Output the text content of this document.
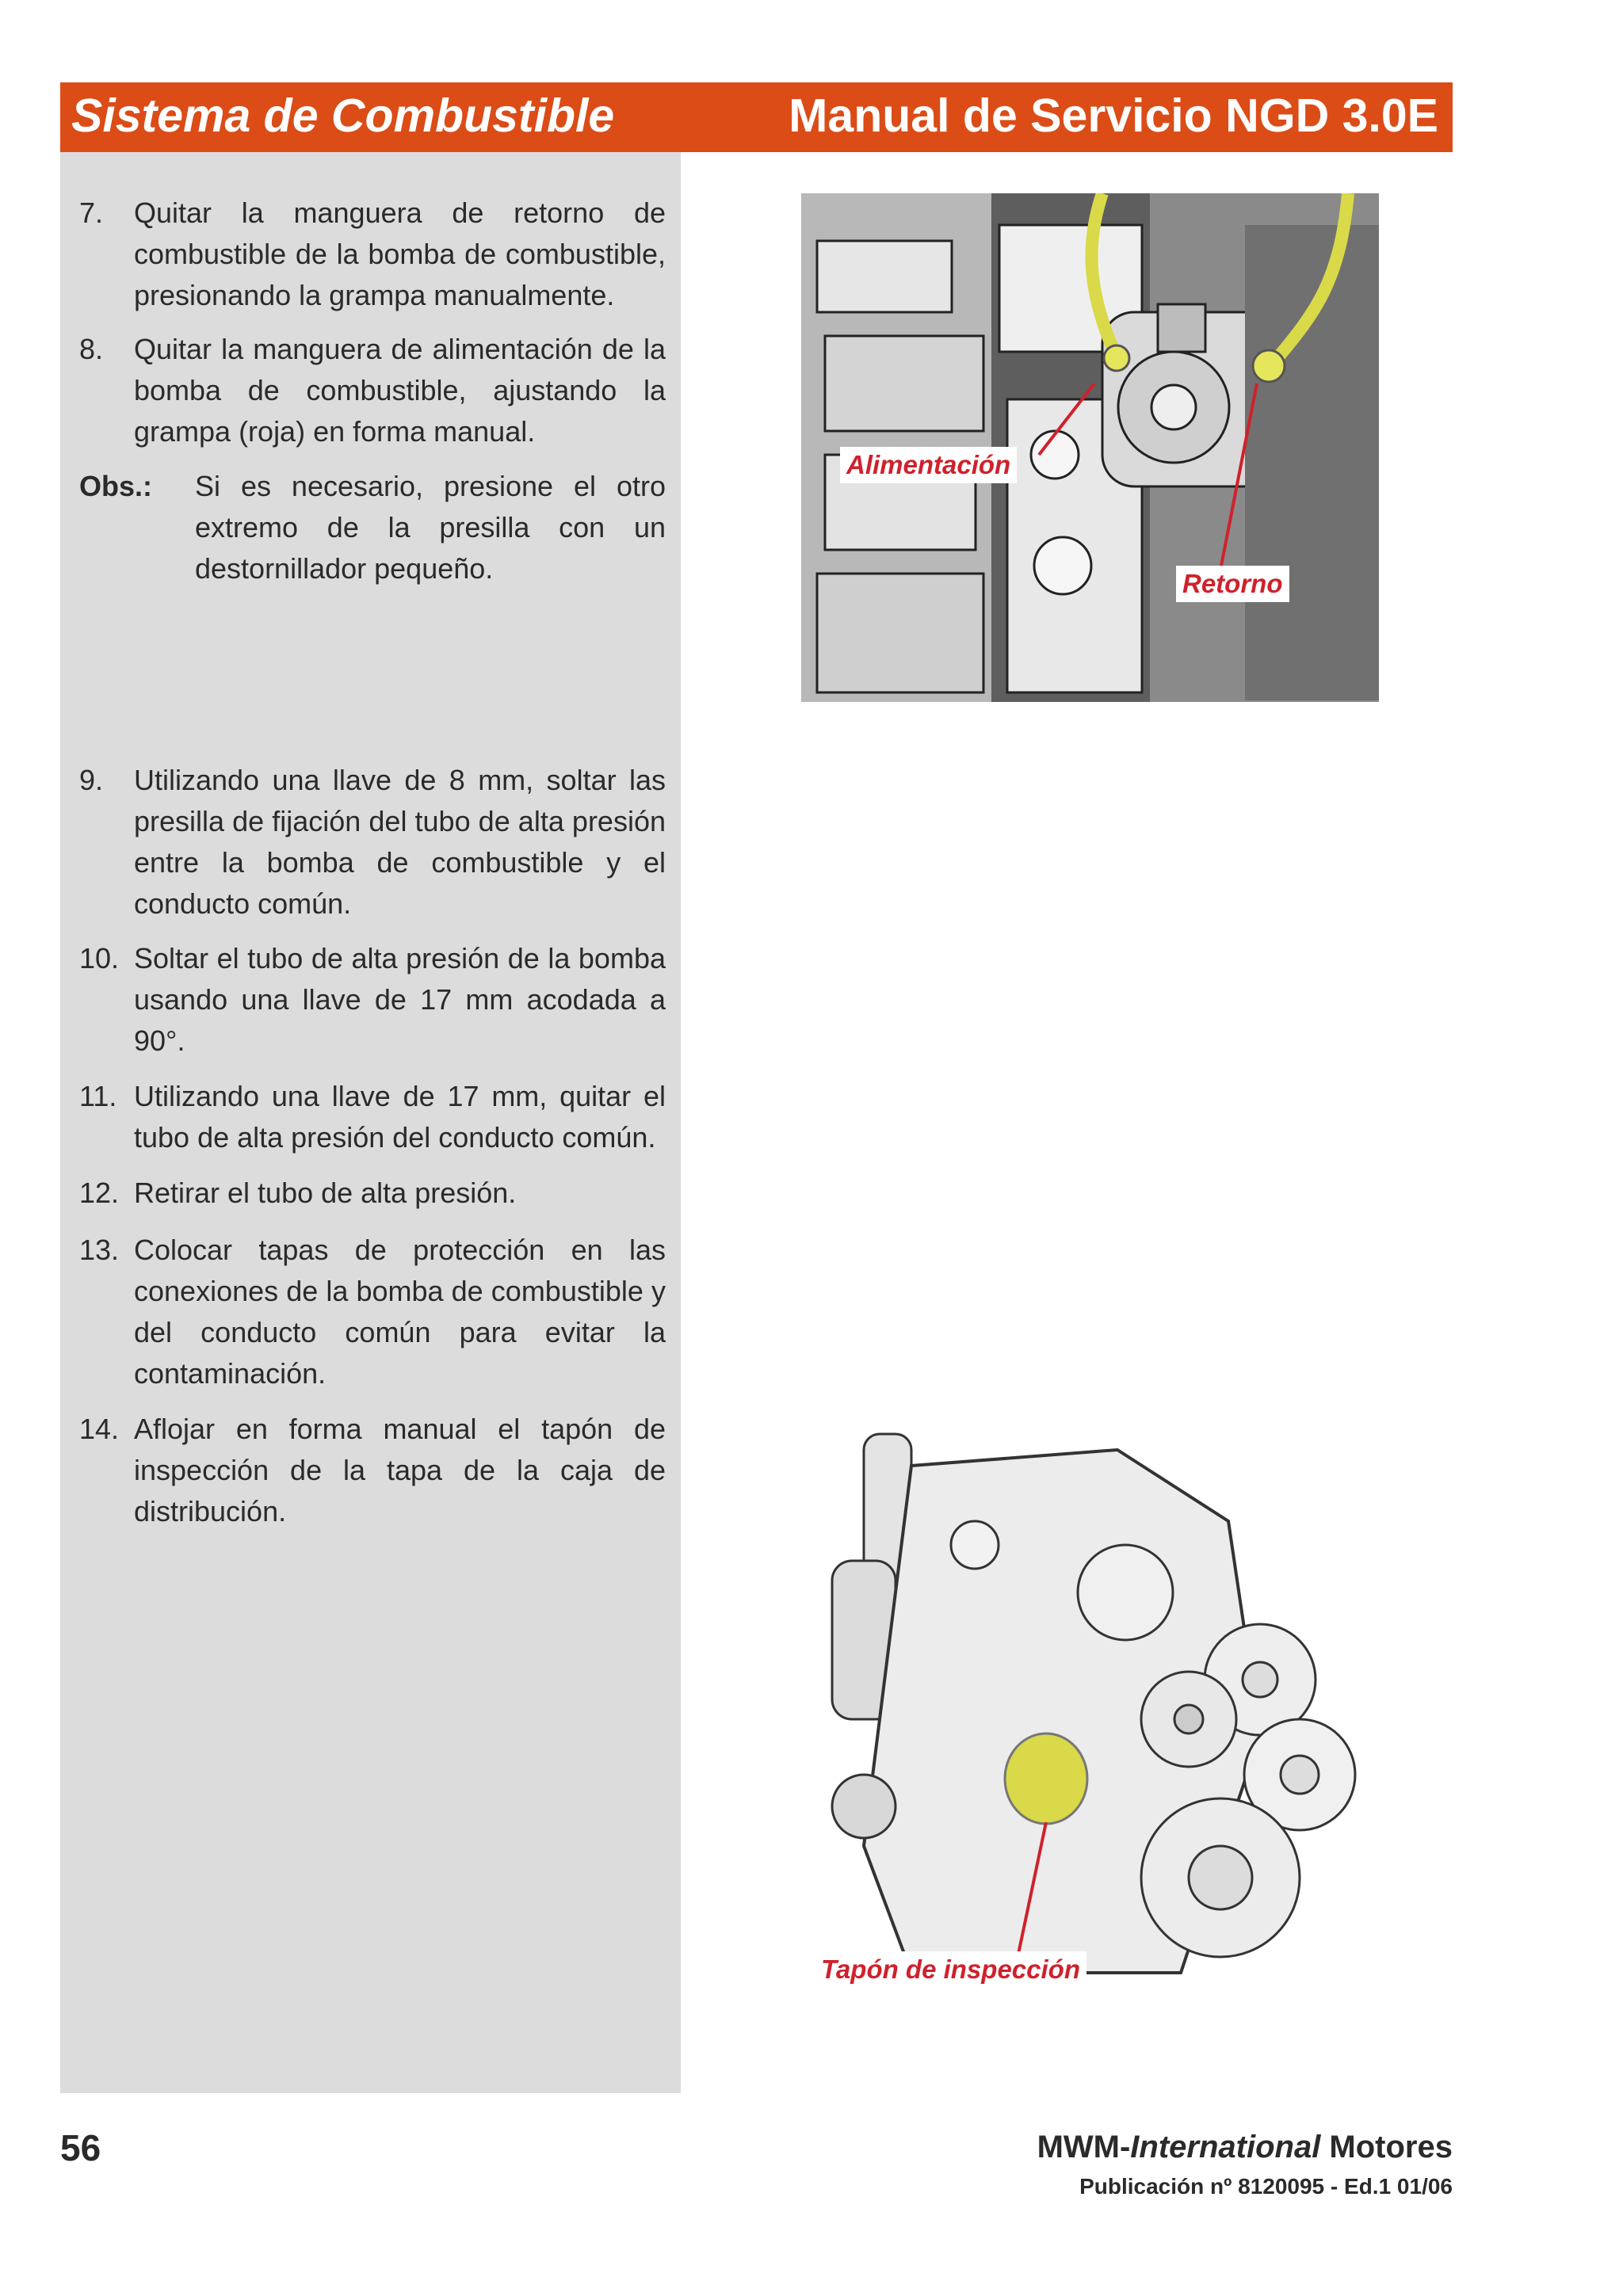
Sistema de Combustible	Manual de Servicio NGD 3.0E
7. Quitar la manguera de retorno de combustible de la bomba de combustible, presionando la grampa manualmente.
8. Quitar la manguera de alimentación de la bomba de combustible, ajustando la grampa (roja) en forma manual.
Obs.: Si es necesario, presione el otro extremo de la presilla con un destornillador pequeño.
9. Utilizando una llave de 8 mm, soltar las presilla de fijación del tubo de alta presión entre la bomba de combustible y el conducto común.
10. Soltar el tubo de alta presión de la bomba usando una llave de 17 mm acodada a 90°.
11. Utilizando una llave de 17 mm, quitar el tubo de alta presión del conducto común.
12. Retirar el tubo de alta presión.
13. Colocar tapas de protección en las conexiones de la bomba de combustible y del conducto común para evitar la contaminación.
14. Aflojar en forma manual el tapón de inspección de la tapa de la caja de distribución.
Alimentación
Retorno
Tapón de inspección
56	MWM-International Motores
Publicación nº 8120095 - Ed.1 01/06
